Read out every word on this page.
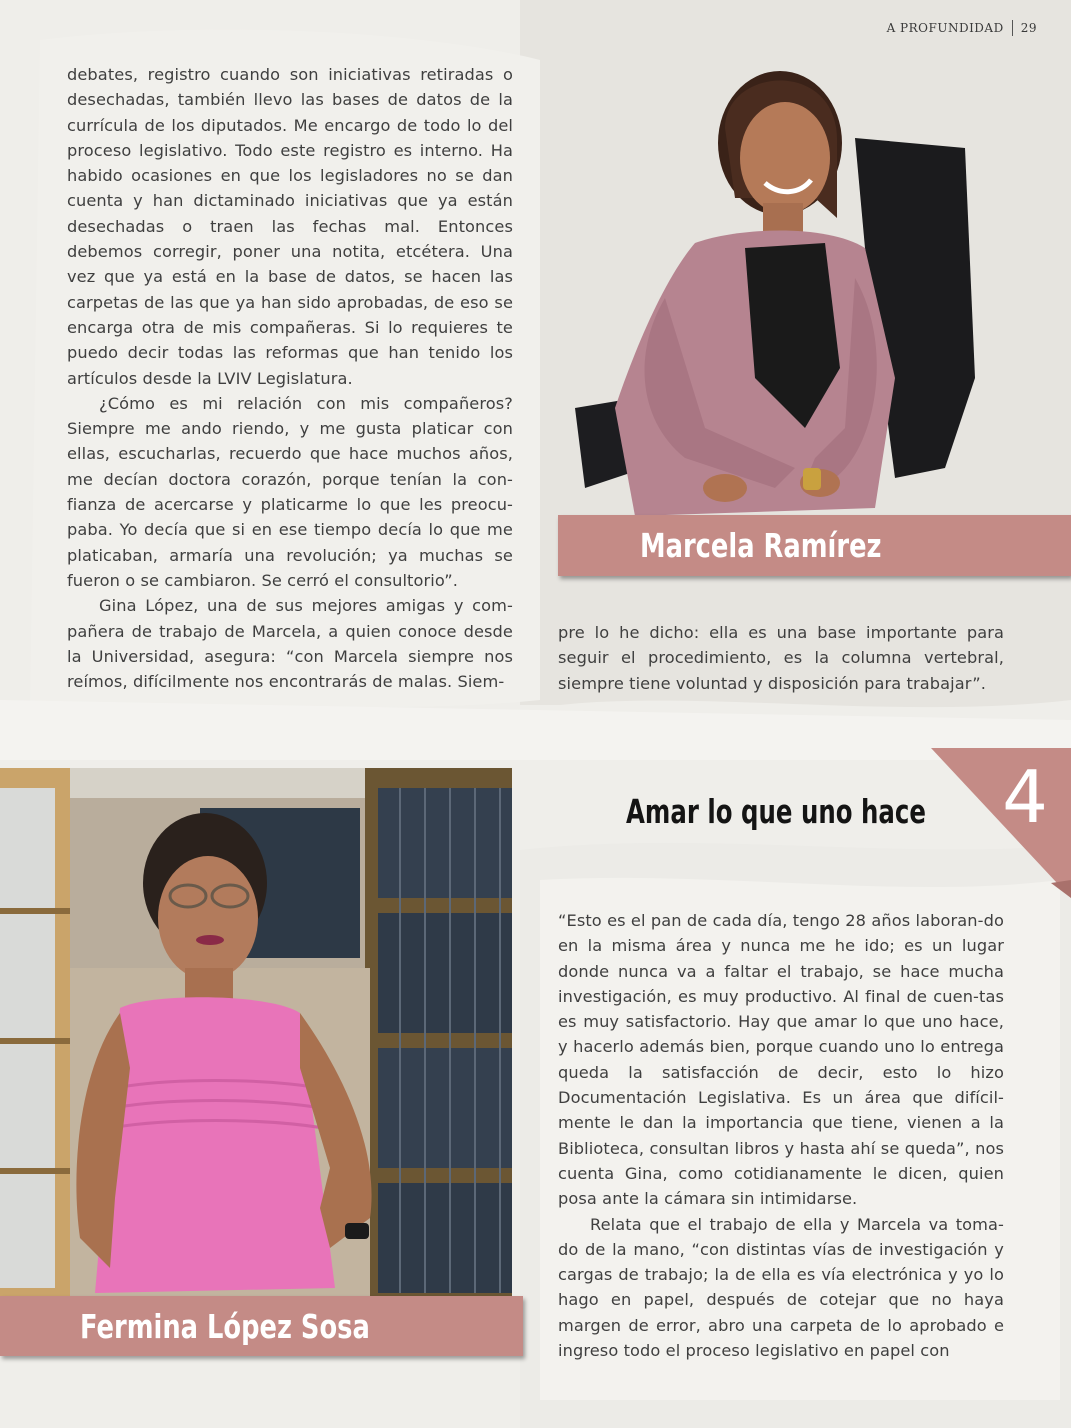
A PROFUNDIDAD 29

debates, registro cuando son iniciativas retiradas o desechadas, también llevo las bases de datos de la currícula de los diputados. Me encargo de todo lo del proceso legislativo. Todo este registro es interno. Ha habido ocasiones en que los legisladores no se dan cuenta y han dictaminado iniciativas que ya están desechadas o traen las fechas mal. Entonces debemos corregir, poner una notita, etcétera. Una vez que ya está en la base de datos, se hacen las carpetas de las que ya han sido aprobadas, de eso se encarga otra de mis compañeras. Si lo requieres te puedo decir todas las reformas que han tenido los artículos desde la LVIV Legislatura.

¿Cómo es mi relación con mis compañeros? Siempre me ando riendo, y me gusta platicar con ellas, escucharlas, recuerdo que hace muchos años, me decían doctora corazón, porque tenían la con-fianza de acercarse y platicarme lo que les preocu-paba. Yo decía que si en ese tiempo decía lo que me platicaban, armaría una revolución; ya muchas se fueron o se cambiaron. Se cerró el consultorio”.

Gina López, una de sus mejores amigas y com-pañera de trabajo de Marcela, a quien conoce desde la Universidad, asegura: “con Marcela siempre nos reímos, difícilmente nos encontrarás de malas. Siem-

Marcela Ramírez

pre lo he dicho: ella es una base importante para seguir el procedimiento, es la columna vertebral, siempre tiene voluntad y disposición para trabajar”.

Fermina López Sosa
4
Amar lo que uno hace

“Esto es el pan de cada día, tengo 28 años laboran-do en la misma área y nunca me he ido; es un lugar donde nunca va a faltar el trabajo, se hace mucha investigación, es muy productivo. Al final de cuen-tas es muy satisfactorio. Hay que amar lo que uno hace, y hacerlo además bien, porque cuando uno lo entrega queda la satisfacción de decir, esto lo hizo Documentación Legislativa. Es un área que difícil-mente le dan la importancia que tiene, vienen a la Biblioteca, consultan libros y hasta ahí se queda”, nos cuenta Gina, como cotidianamente le dicen, quien posa ante la cámara sin intimidarse.

Relata que el trabajo de ella y Marcela va toma-do de la mano, “con distintas vías de investigación y cargas de trabajo; la de ella es vía electrónica y yo lo hago en papel, después de cotejar que no haya margen de error, abro una carpeta de lo aprobado e ingreso todo el proceso legislativo en papel con
